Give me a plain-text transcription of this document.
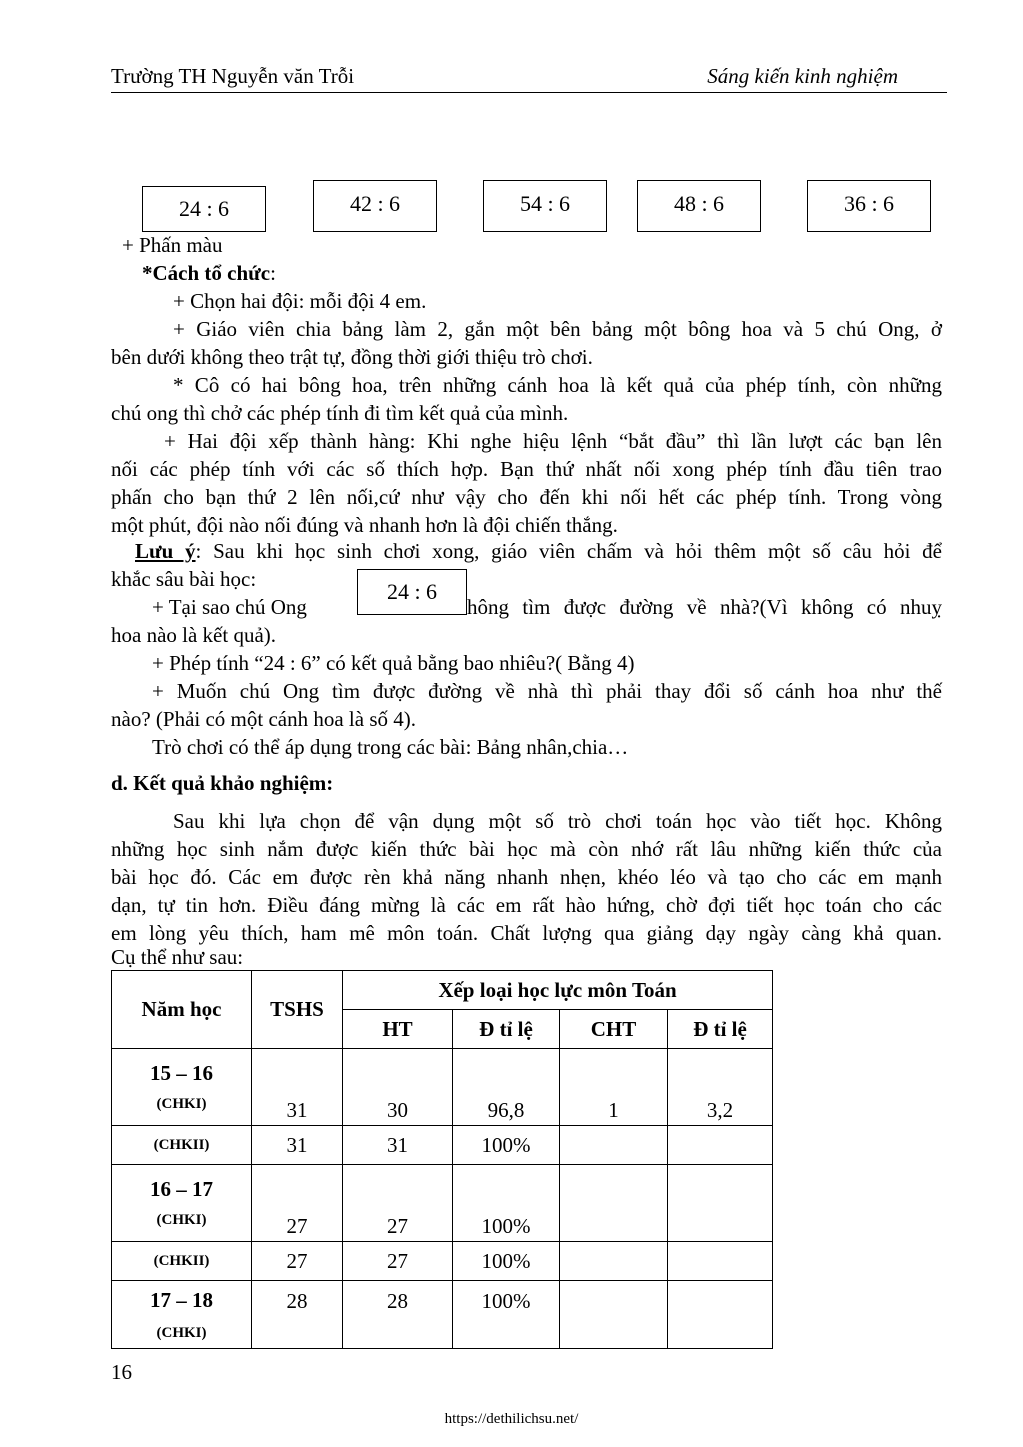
Trường TH Nguyễn văn Trỗi	Sáng kiến kinh nghiệm
24 : 6	42 : 6	54 : 6	48 : 6	36 : 6
+ Phấn màu
*Cách tổ chức:
+ Chọn hai đội: mỗi đội 4 em.
+ Giáo viên chia bảng làm 2, gắn một bên bảng một bông hoa và 5 chú Ong, ở
bên dưới không theo trật tự, đồng thời giới thiệu trò chơi.
* Cô có hai bông hoa, trên những cánh hoa là kết quả của phép tính, còn những
chú ong thì chở các phép tính đi tìm kết quả của mình.
+ Hai đội xếp thành hàng: Khi nghe hiệu lệnh “bắt đầu” thì lần lượt các bạn lên
nối các phép tính với các số thích hợp. Bạn thứ nhất nối xong phép tính đầu tiên trao
phấn cho bạn thứ 2 lên nối,cứ như vậy cho đến khi nối hết các phép tính. Trong vòng
một phút, đội nào nối đúng và nhanh hơn là đội chiến thắng.
Lưu ý: Sau khi học sinh chơi xong, giáo viên chấm và hỏi thêm một số câu hỏi để
khắc sâu bài học:
+ Tại sao chú Ong
24 : 6
hông tìm được đường về nhà?(Vì không có nhuỵ
hoa nào là kết quả).
+ Phép tính “24 : 6” có kết quả bằng bao nhiêu?( Bằng 4)
+ Muốn chú Ong tìm được đường về nhà thì phải thay đổi số cánh hoa như thế
nào? (Phải có một cánh hoa là số 4).
Trò chơi có thể áp dụng trong các bài: Bảng nhân,chia…
d. Kết quả khảo nghiệm:
Sau khi lựa chọn để vận dụng một số trò chơi toán học vào tiết học. Không
những học sinh nắm được kiến thức bài học mà còn nhớ rất lâu những kiến thức của
bài học đó. Các em được rèn khả năng nhanh nhẹn, khéo léo và tạo cho các em mạnh
dạn, tự tin hơn. Điều đáng mừng là các em rất hào hứng, chờ đợi tiết học toán cho các
em lòng yêu thích, ham mê môn toán. Chất lượng qua giảng dạy ngày càng khả quan.
Cụ thể như sau:
Năm học	TSHS	Xếp loại học lực môn Toán			
		HT	Đ tỉ lệ	CHT	Đ tỉ lệ

15 – 16
(CHKI)	31	30	96,8	1	3,2

(CHKII)	31	31	100%		

16 – 17
(CHKI)	27	27	100%		

(CHKII)	27	27	100%		

17 – 18
(CHKI)	28	28	100%		
16
https://dethilichsu.net/
